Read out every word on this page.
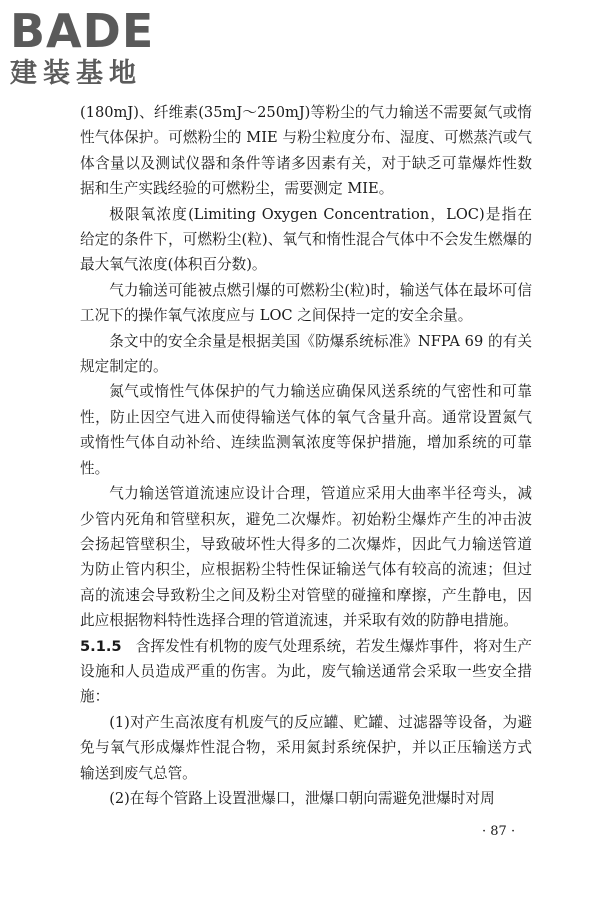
BADE
建装基地

(180mJ)、纤维素(35mJ～250mJ)等粉尘的气力输送不需要氮气或惰性气体保护。可燃粉尘的 MIE 与粉尘粒度分布、湿度、可燃蒸汽或气体含量以及测试仪器和条件等诸多因素有关，对于缺乏可靠爆炸性数据和生产实践经验的可燃粉尘，需要测定 MIE。

极限氧浓度(Limiting Oxygen Concentration，LOC)是指在给定的条件下，可燃粉尘(粒)、氧气和惰性混合气体中不会发生燃爆的最大氧气浓度(体积百分数)。

气力输送可能被点燃引爆的可燃粉尘(粒)时，输送气体在最坏可信工况下的操作氧气浓度应与 LOC 之间保持一定的安全余量。

条文中的安全余量是根据美国《防爆系统标准》NFPA 69 的有关规定制定的。

氮气或惰性气体保护的气力输送应确保风送系统的气密性和可靠性，防止因空气进入而使得输送气体的氧气含量升高。通常设置氮气或惰性气体自动补给、连续监测氧浓度等保护措施，增加系统的可靠性。

气力输送管道流速应设计合理，管道应采用大曲率半径弯头，减少管内死角和管壁积灰，避免二次爆炸。初始粉尘爆炸产生的冲击波会扬起管壁积尘，导致破坏性大得多的二次爆炸，因此气力输送管道为防止管内积尘，应根据粉尘特性保证输送气体有较高的流速；但过高的流速会导致粉尘之间及粉尘对管壁的碰撞和摩擦，产生静电，因此应根据物料特性选择合理的管道流速，并采取有效的防静电措施。

5.1.5 含挥发性有机物的废气处理系统，若发生爆炸事件，将对生产设施和人员造成严重的伤害。为此，废气输送通常会采取一些安全措施：

(1)对产生高浓度有机废气的反应罐、贮罐、过滤器等设备，为避免与氧气形成爆炸性混合物，采用氮封系统保护，并以正压输送方式输送到废气总管。

(2)在每个管路上设置泄爆口，泄爆口朝向需避免泄爆时对周

· 87 ·
